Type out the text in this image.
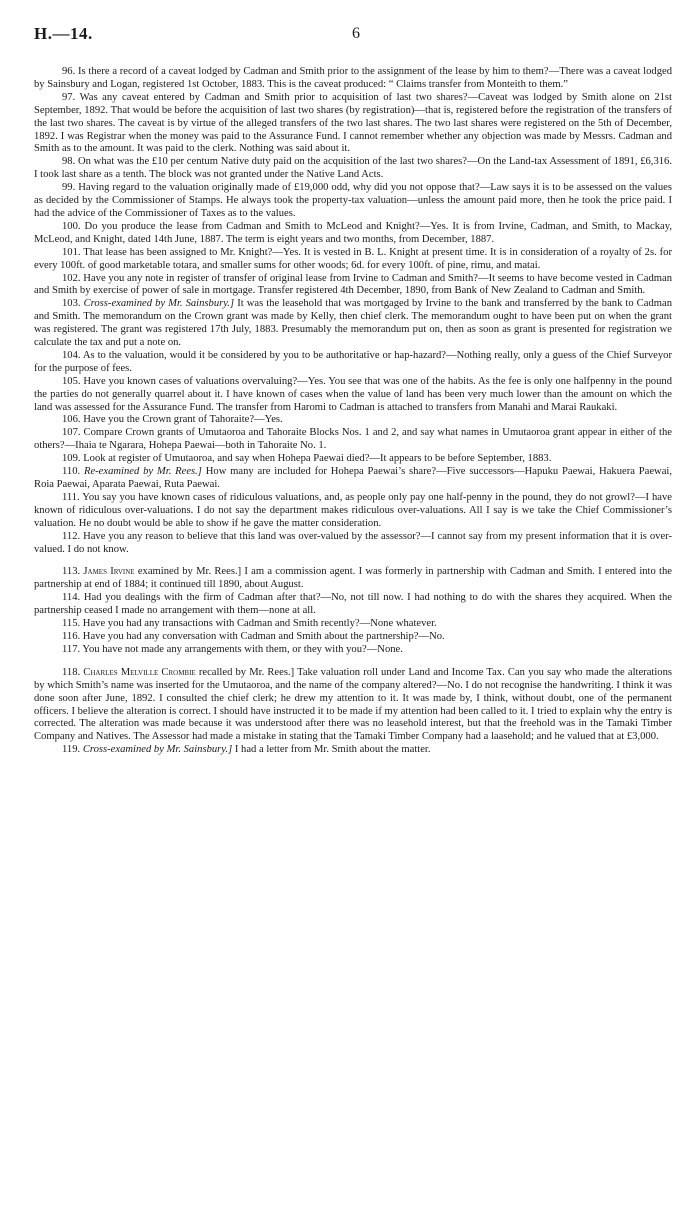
H.—14.	6

96. Is there a record of a caveat lodged by Cadman and Smith prior to the assignment of the lease by him to them?—There was a caveat lodged by Sainsbury and Logan, registered 1st October, 1883. This is the caveat produced: “ Claims transfer from Monteith to them.”

97. Was any caveat entered by Cadman and Smith prior to acquisition of last two shares?—Caveat was lodged by Smith alone on 21st September, 1892. That would be before the acquisition of last two shares (by registration)—that is, registered before the registration of the transfers of the last two shares. The caveat is by virtue of the alleged transfers of the two last shares. The two last shares were registered on the 5th of December, 1892. I was Registrar when the money was paid to the Assurance Fund. I cannot remember whether any objection was made by Messrs. Cadman and Smith as to the amount. It was paid to the clerk. Nothing was said about it.

98. On what was the £10 per centum Native duty paid on the acquisition of the last two shares?—On the Land-tax Assessment of 1891, £6,316. I took last share as a tenth. The block was not granted under the Native Land Acts.

99. Having regard to the valuation originally made of £19,000 odd, why did you not oppose that?—Law says it is to be assessed on the values as decided by the Commissioner of Stamps. He always took the property-tax valuation—unless the amount paid more, then he took the price paid. I had the advice of the Commissioner of Taxes as to the values.

100. Do you produce the lease from Cadman and Smith to McLeod and Knight?—Yes. It is from Irvine, Cadman, and Smith, to Mackay, McLeod, and Knight, dated 14th June, 1887. The term is eight years and two months, from December, 1887.

101. That lease has been assigned to Mr. Knight?—Yes. It is vested in B. L. Knight at present time. It is in consideration of a royalty of 2s. for every 100ft. of good marketable totara, and smaller sums for other woods; 6d. for every 100ft. of pine, rimu, and matai.

102. Have you any note in register of transfer of original lease from Irvine to Cadman and Smith?—It seems to have become vested in Cadman and Smith by exercise of power of sale in mortgage. Transfer registered 4th December, 1890, from Bank of New Zealand to Cadman and Smith.

103. Cross-examined by Mr. Sainsbury.] It was the leasehold that was mortgaged by Irvine to the bank and transferred by the bank to Cadman and Smith. The memorandum on the Crown grant was made by Kelly, then chief clerk. The memorandum ought to have been put on when the grant was registered. The grant was registered 17th July, 1883. Presumably the memorandum put on, then as soon as grant is presented for registration we calculate the tax and put a note on.

104. As to the valuation, would it be considered by you to be authoritative or hap-hazard?—Nothing really, only a guess of the Chief Surveyor for the purpose of fees.

105. Have you known cases of valuations overvaluing?—Yes. You see that was one of the habits. As the fee is only one halfpenny in the pound the parties do not generally quarrel about it. I have known of cases when the value of land has been very much lower than the amount on which the land was assessed for the Assurance Fund. The transfer from Haromi to Cadman is attached to transfers from Manahi and Marai Raukaki.

106. Have you the Crown grant of Tahoraite?—Yes.

107. Compare Crown grants of Umutaoroa and Tahoraite Blocks Nos. 1 and 2, and say what names in Umutaoroa grant appear in either of the others?—Ihaia te Ngarara, Hohepa Paewai—both in Tahoraite No. 1.

109. Look at register of Umutaoroa, and say when Hohepa Paewai died?—It appears to be before September, 1883.

110. Re-examined by Mr. Rees.] How many are included for Hohepa Paewai’s share?—Five successors—Hapuku Paewai, Hakuera Paewai, Roia Paewai, Aparata Paewai, Ruta Paewai.

111. You say you have known cases of ridiculous valuations, and, as people only pay one half-penny in the pound, they do not growl?—I have known of ridiculous over-valuations. I do not say the department makes ridiculous over-valuations. All I say is we take the Chief Commissioner’s valuation. He no doubt would be able to show if he gave the matter consideration.

112. Have you any reason to believe that this land was over-valued by the assessor?—I cannot say from my present information that it is over-valued. I do not know.

113. James Irvine examined by Mr. Rees.] I am a commission agent. I was formerly in partnership with Cadman and Smith. I entered into the partnership at end of 1884; it continued till 1890, about August.

114. Had you dealings with the firm of Cadman after that?—No, not till now. I had nothing to do with the shares they acquired. When the partnership ceased I made no arrangement with them—none at all.

115. Have you had any transactions with Cadman and Smith recently?—None whatever.

116. Have you had any conversation with Cadman and Smith about the partnership?—No.

117. You have not made any arrangements with them, or they with you?—None.

118. Charles Melville Crombie recalled by Mr. Rees.] Take valuation roll under Land and Income Tax. Can you say who made the alterations by which Smith’s name was inserted for the Umutaoroa, and the name of the company altered?—No. I do not recognise the handwriting. I think it was done soon after June, 1892. I consulted the chief clerk; he drew my attention to it. It was made by, I think, without doubt, one of the permanent officers. I believe the alteration is correct. I should have instructed it to be made if my attention had been called to it. I tried to explain why the entry is corrected. The alteration was made because it was understood after there was no leasehold interest, but that the freehold was in the Tamaki Timber Company and Natives. The Assessor had made a mistake in stating that the Tamaki Timber Company had a laasehold; and he valued that at £3,000.

119. Cross-examined by Mr. Sainsbury.] I had a letter from Mr. Smith about the matter.
